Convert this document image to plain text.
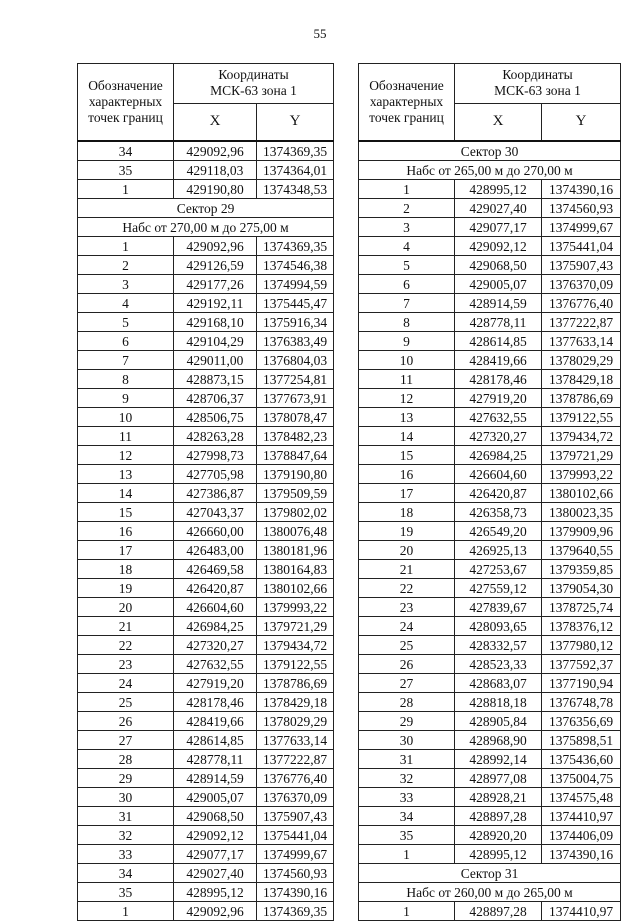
55
Обозначение характерных точек границ	Координаты
МСК-63 зона 1	
	X	Y
34	429092,96	1374369,35
35	429118,03	1374364,01
1	429190,80	1374348,53
Сектор 29		
Набс от 270,00 м до 275,00 м		
1	429092,96	1374369,35
2	429126,59	1374546,38
3	429177,26	1374994,59
4	429192,11	1375445,47
5	429168,10	1375916,34
6	429104,29	1376383,49
7	429011,00	1376804,03
8	428873,15	1377254,81
9	428706,37	1377673,91
10	428506,75	1378078,47
11	428263,28	1378482,23
12	427998,73	1378847,64
13	427705,98	1379190,80
14	427386,87	1379509,59
15	427043,37	1379802,02
16	426660,00	1380076,48
17	426483,00	1380181,96
18	426469,58	1380164,83
19	426420,87	1380102,66
20	426604,60	1379993,22
21	426984,25	1379721,29
22	427320,27	1379434,72
23	427632,55	1379122,55
24	427919,20	1378786,69
25	428178,46	1378429,18
26	428419,66	1378029,29
27	428614,85	1377633,14
28	428778,11	1377222,87
29	428914,59	1376776,40
30	429005,07	1376370,09
31	429068,50	1375907,43
32	429092,12	1375441,04
33	429077,17	1374999,67
34	429027,40	1374560,93
35	428995,12	1374390,16
1	429092,96	1374369,35
Обозначение характерных точек границ	Координаты
МСК-63 зона 1	
	X	Y
Сектор 30		
Набс от 265,00 м до 270,00 м		
1	428995,12	1374390,16
2	429027,40	1374560,93
3	429077,17	1374999,67
4	429092,12	1375441,04
5	429068,50	1375907,43
6	429005,07	1376370,09
7	428914,59	1376776,40
8	428778,11	1377222,87
9	428614,85	1377633,14
10	428419,66	1378029,29
11	428178,46	1378429,18
12	427919,20	1378786,69
13	427632,55	1379122,55
14	427320,27	1379434,72
15	426984,25	1379721,29
16	426604,60	1379993,22
17	426420,87	1380102,66
18	426358,73	1380023,35
19	426549,20	1379909,96
20	426925,13	1379640,55
21	427253,67	1379359,85
22	427559,12	1379054,30
23	427839,67	1378725,74
24	428093,65	1378376,12
25	428332,57	1377980,12
26	428523,33	1377592,37
27	428683,07	1377190,94
28	428818,18	1376748,78
29	428905,84	1376356,69
30	428968,90	1375898,51
31	428992,14	1375436,60
32	428977,08	1375004,75
33	428928,21	1374575,48
34	428897,28	1374410,97
35	428920,20	1374406,09
1	428995,12	1374390,16
Сектор 31		
Набс от 260,00 м до 265,00 м		
1	428897,28	1374410,97
